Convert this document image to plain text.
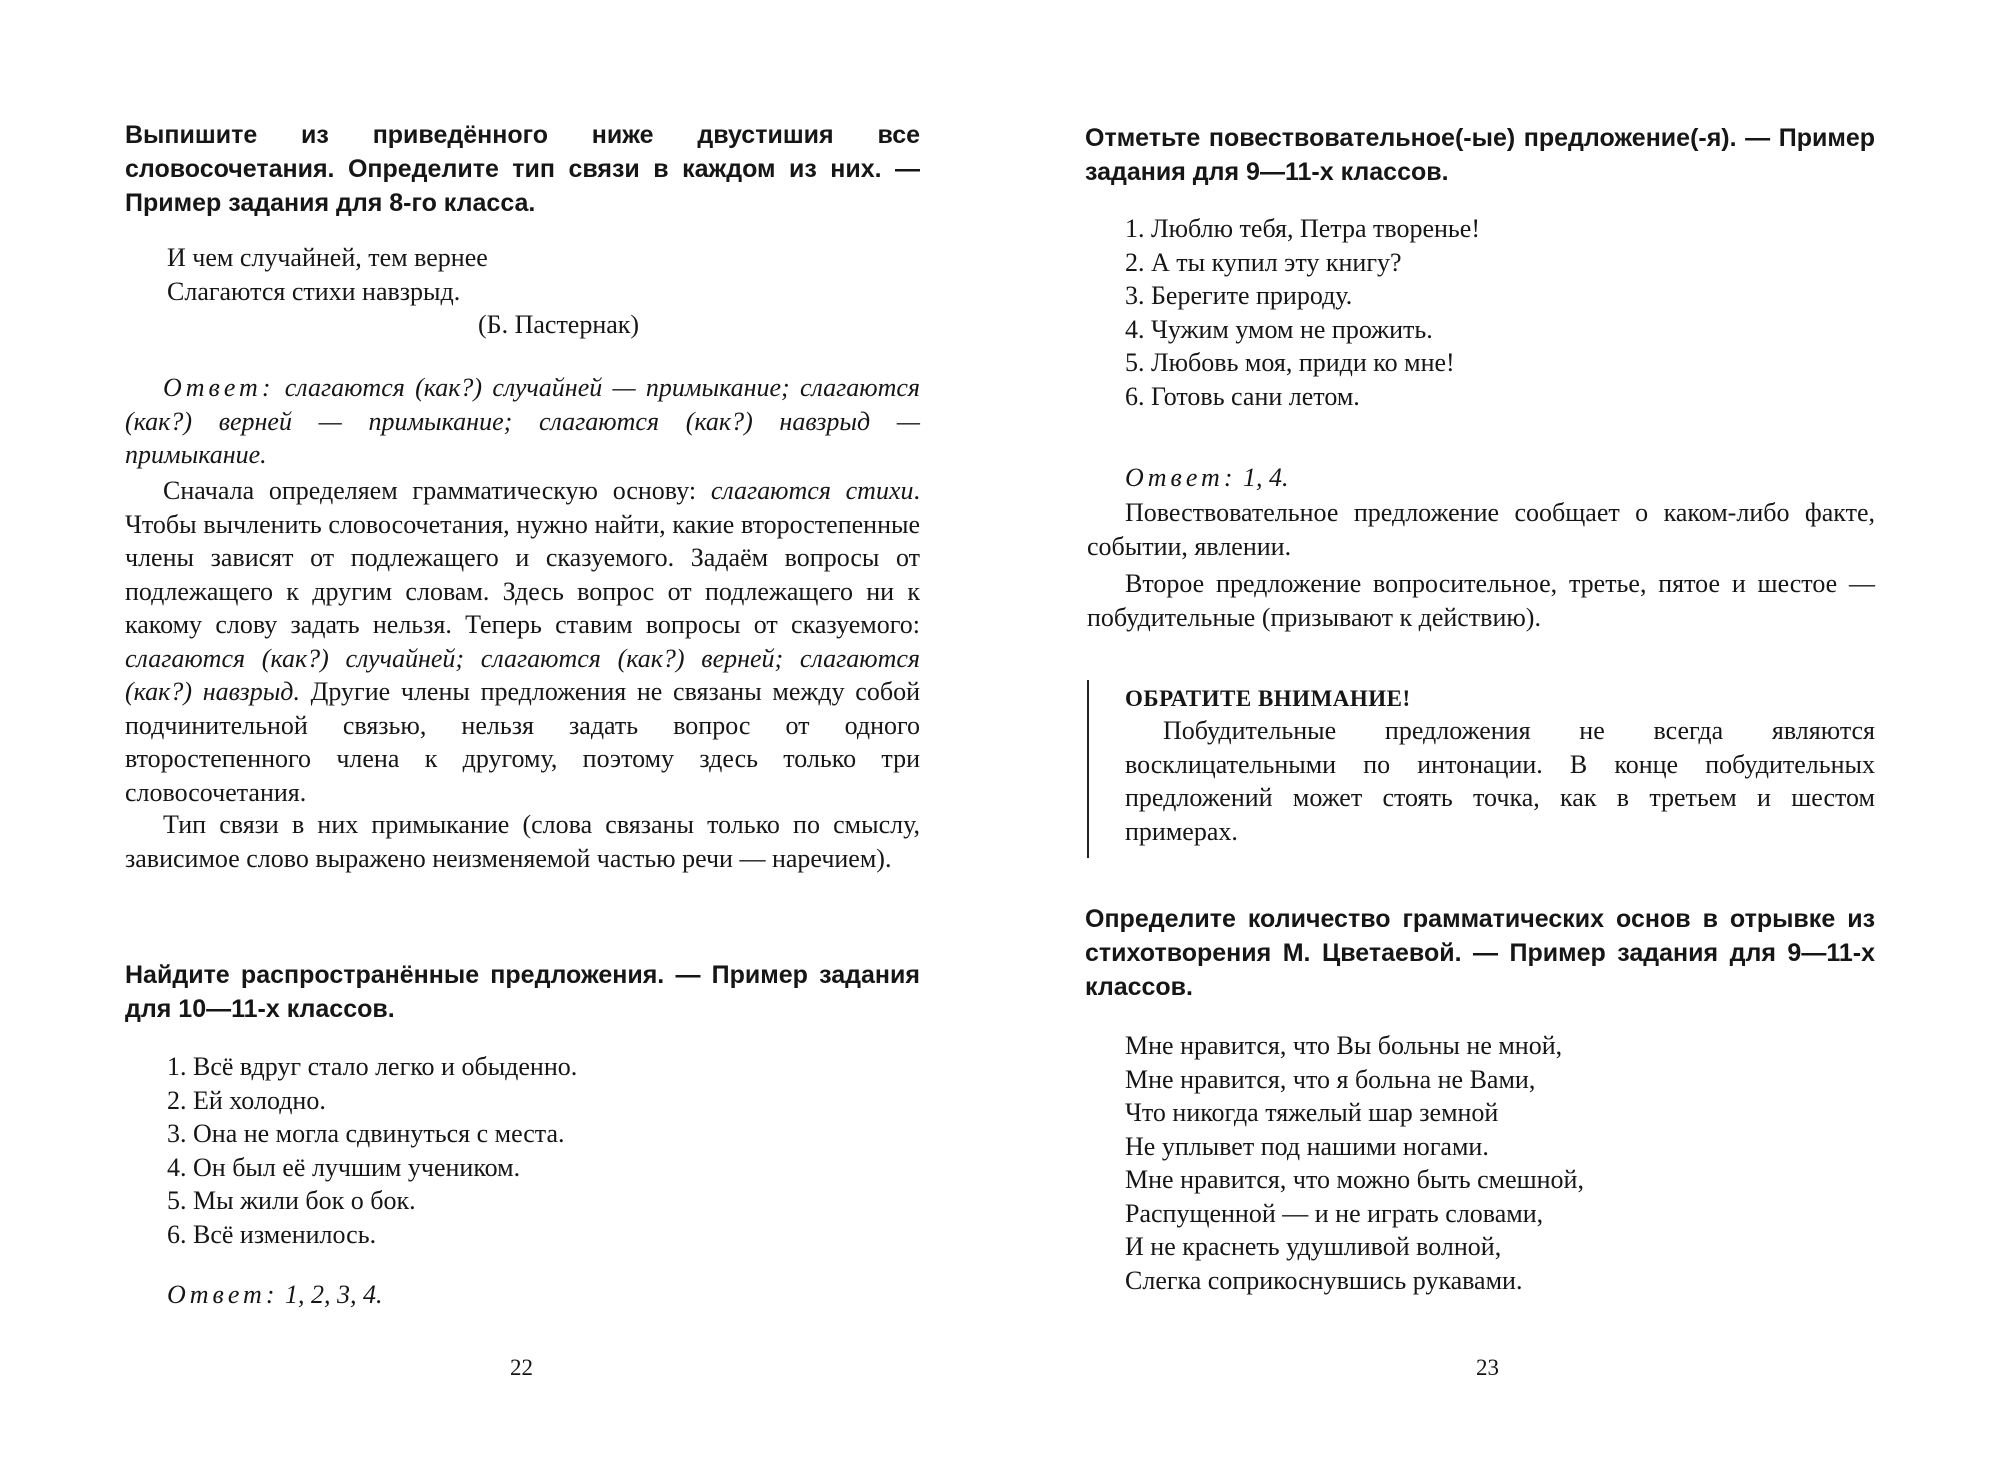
Выпишите из приведённого ниже двустишия все словосочетания. Определите тип связи в каждом из них. — Пример задания для 8-го класса.

И чем случайней, тем вернее
Слагаются стихи навзрыд.
(Б. Пастернак)

Ответ: слагаются (как?) случайней — примыкание; слагаются (как?) верней — примыкание; слагаются (как?) навзрыд — примыкание.

Сначала определяем грамматическую основу: слагаются стихи. Чтобы вычленить словосочетания, нужно найти, какие второстепенные члены зависят от подлежащего и сказуемого. Задаём вопросы от подлежащего к другим словам. Здесь вопрос от подлежащего ни к какому слову задать нельзя. Теперь ставим вопросы от сказуемого: слагаются (как?) случайней; слагаются (как?) верней; слагаются (как?) навзрыд. Другие члены предложения не связаны между собой подчинительной связью, нельзя задать вопрос от одного второстепенного члена к другому, поэтому здесь только три словосочетания.

Тип связи в них примыкание (слова связаны только по смыслу, зависимое слово выражено неизменяемой частью речи — наречием).

Найдите распространённые предложения. — Пример задания для 10—11-х классов.

1. Всё вдруг стало легко и обыденно.
2. Ей холодно.
3. Она не могла сдвинуться с места.
4. Он был её лучшим учеником.
5. Мы жили бок о бок.
6. Всё изменилось.

Ответ: 1, 2, 3, 4.

22

Отметьте повествовательное(-ые) предложение(-я). — Пример задания для 9—11-х классов.

1. Люблю тебя, Петра творенье!
2. А ты купил эту книгу?
3. Берегите природу.
4. Чужим умом не прожить.
5. Любовь моя, приди ко мне!
6. Готовь сани летом.

Ответ: 1, 4.

Повествовательное предложение сообщает о каком-либо факте, событии, явлении.

Второе предложение вопросительное, третье, пятое и шестое — побудительные (призывают к действию).

ОБРАТИТЕ ВНИМАНИЕ!

Побудительные предложения не всегда являются восклицательными по интонации. В конце побудительных предложений может стоять точка, как в третьем и шестом примерах.

Определите количество грамматических основ в отрывке из стихотворения М. Цветаевой. — Пример задания для 9—11-х классов.

Мне нравится, что Вы больны не мной,
Мне нравится, что я больна не Вами,
Что никогда тяжелый шар земной
Не уплывет под нашими ногами.
Мне нравится, что можно быть смешной,
Распущенной — и не играть словами,
И не краснеть удушливой волной,
Слегка соприкоснувшись рукавами.
23
